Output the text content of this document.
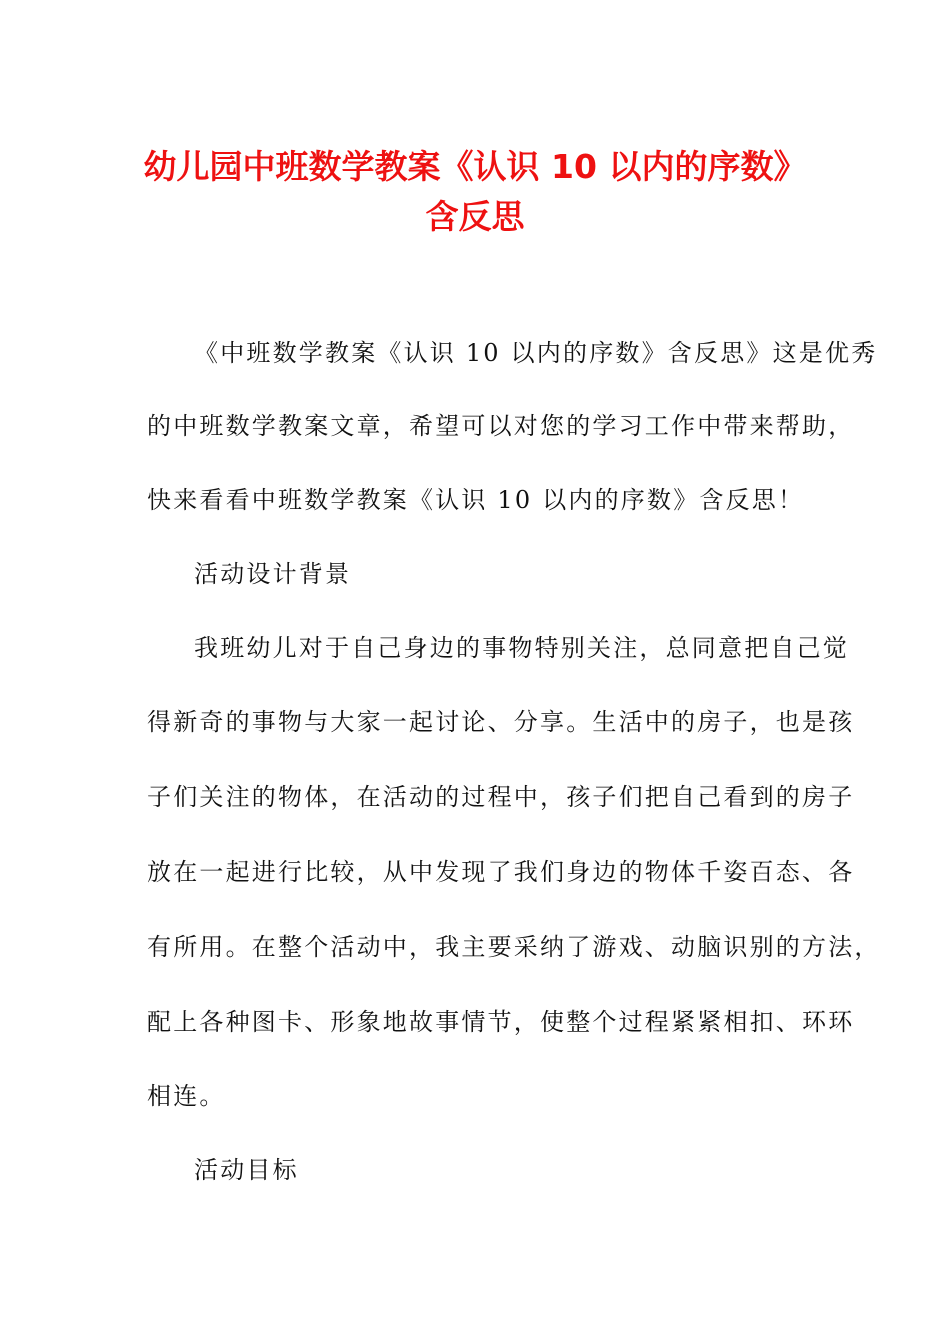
幼儿园中班数学教案《认识 10 以内的序数》
含反思

《中班数学教案《认识 10 以内的序数》含反思》这是优秀

的中班数学教案文章，希望可以对您的学习工作中带来帮助，

快来看看中班数学教案《认识 10 以内的序数》含反思！

活动设计背景

我班幼儿对于自己身边的事物特别关注，总同意把自己觉

得新奇的事物与大家一起讨论、分享。生活中的房子，也是孩

子们关注的物体，在活动的过程中，孩子们把自己看到的房子

放在一起进行比较，从中发现了我们身边的物体千姿百态、各

有所用。在整个活动中，我主要采纳了游戏、动脑识别的方法，

配上各种图卡、形象地故事情节，使整个过程紧紧相扣、环环

相连。

活动目标
